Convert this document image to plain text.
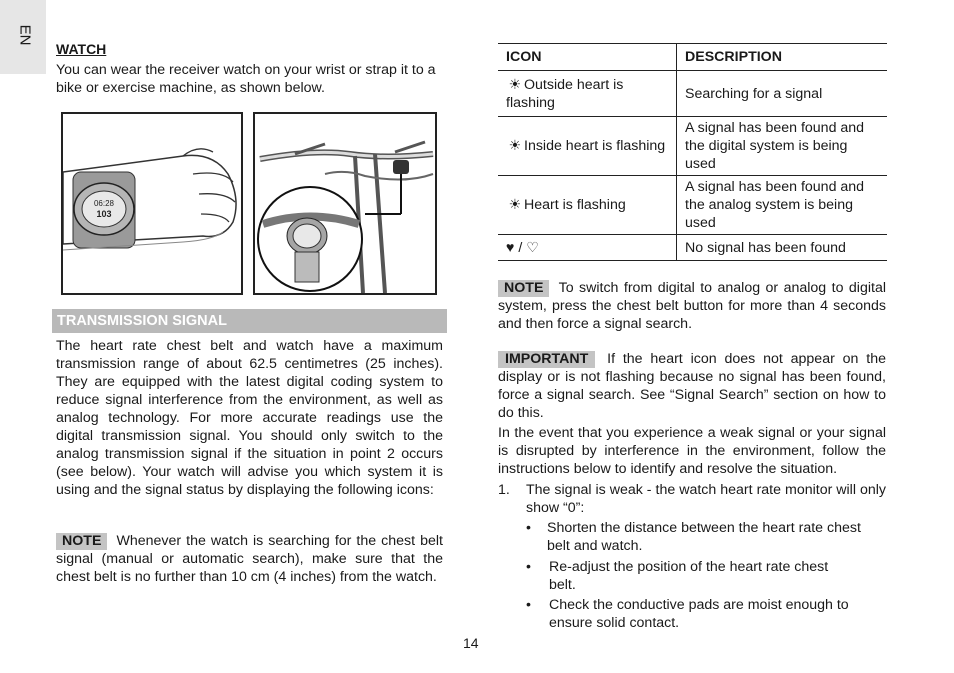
EN
WATCH
You can wear the receiver watch on your wrist or strap it to a bike or exercise machine, as shown below.
06:28
103
TRANSMISSION SIGNAL
The heart rate chest belt and watch have a maximum transmission range of about 62.5 centimetres (25 inches). They are equipped with the latest digital coding system to reduce signal interference from the environment, as well as analog technology. For more accurate readings use the digital transmission signal. You should only switch to the analog transmission signal if the situation in point 2 occurs (see below). Your watch will advise you which system it is using and the signal status by displaying the following icons:
NOTE Whenever the watch is searching for the chest belt signal (manual or automatic search), make sure that the chest belt is no further than 10 cm (4 inches) from the watch.
ICON	DESCRIPTION
☀ Outside heart is flashing	Searching for a signal
☀ Inside heart is flashing	A signal has been found and the digital system is being used
☀ Heart is flashing	A signal has been found and the analog system is being used
♥ / ♡	No signal has been found
NOTE To switch from digital to analog or analog to digital system, press the chest belt button for more than 4 seconds and then force a signal search.
IMPORTANT If the heart icon does not appear on the display or is not flashing because no signal has been found, force a signal search. See “Signal Search” section on how to do this.
In the event that you experience a weak signal or your signal is disrupted by interference in the environment, follow the instructions below to identify and resolve the situation.
1.	The signal is weak - the watch heart rate monitor will only show “0”:
• Shorten the distance between the heart rate chest belt and watch.
• Re-adjust the position of the heart rate chest belt.
• Check the conductive pads are moist enough to ensure solid contact.
14
